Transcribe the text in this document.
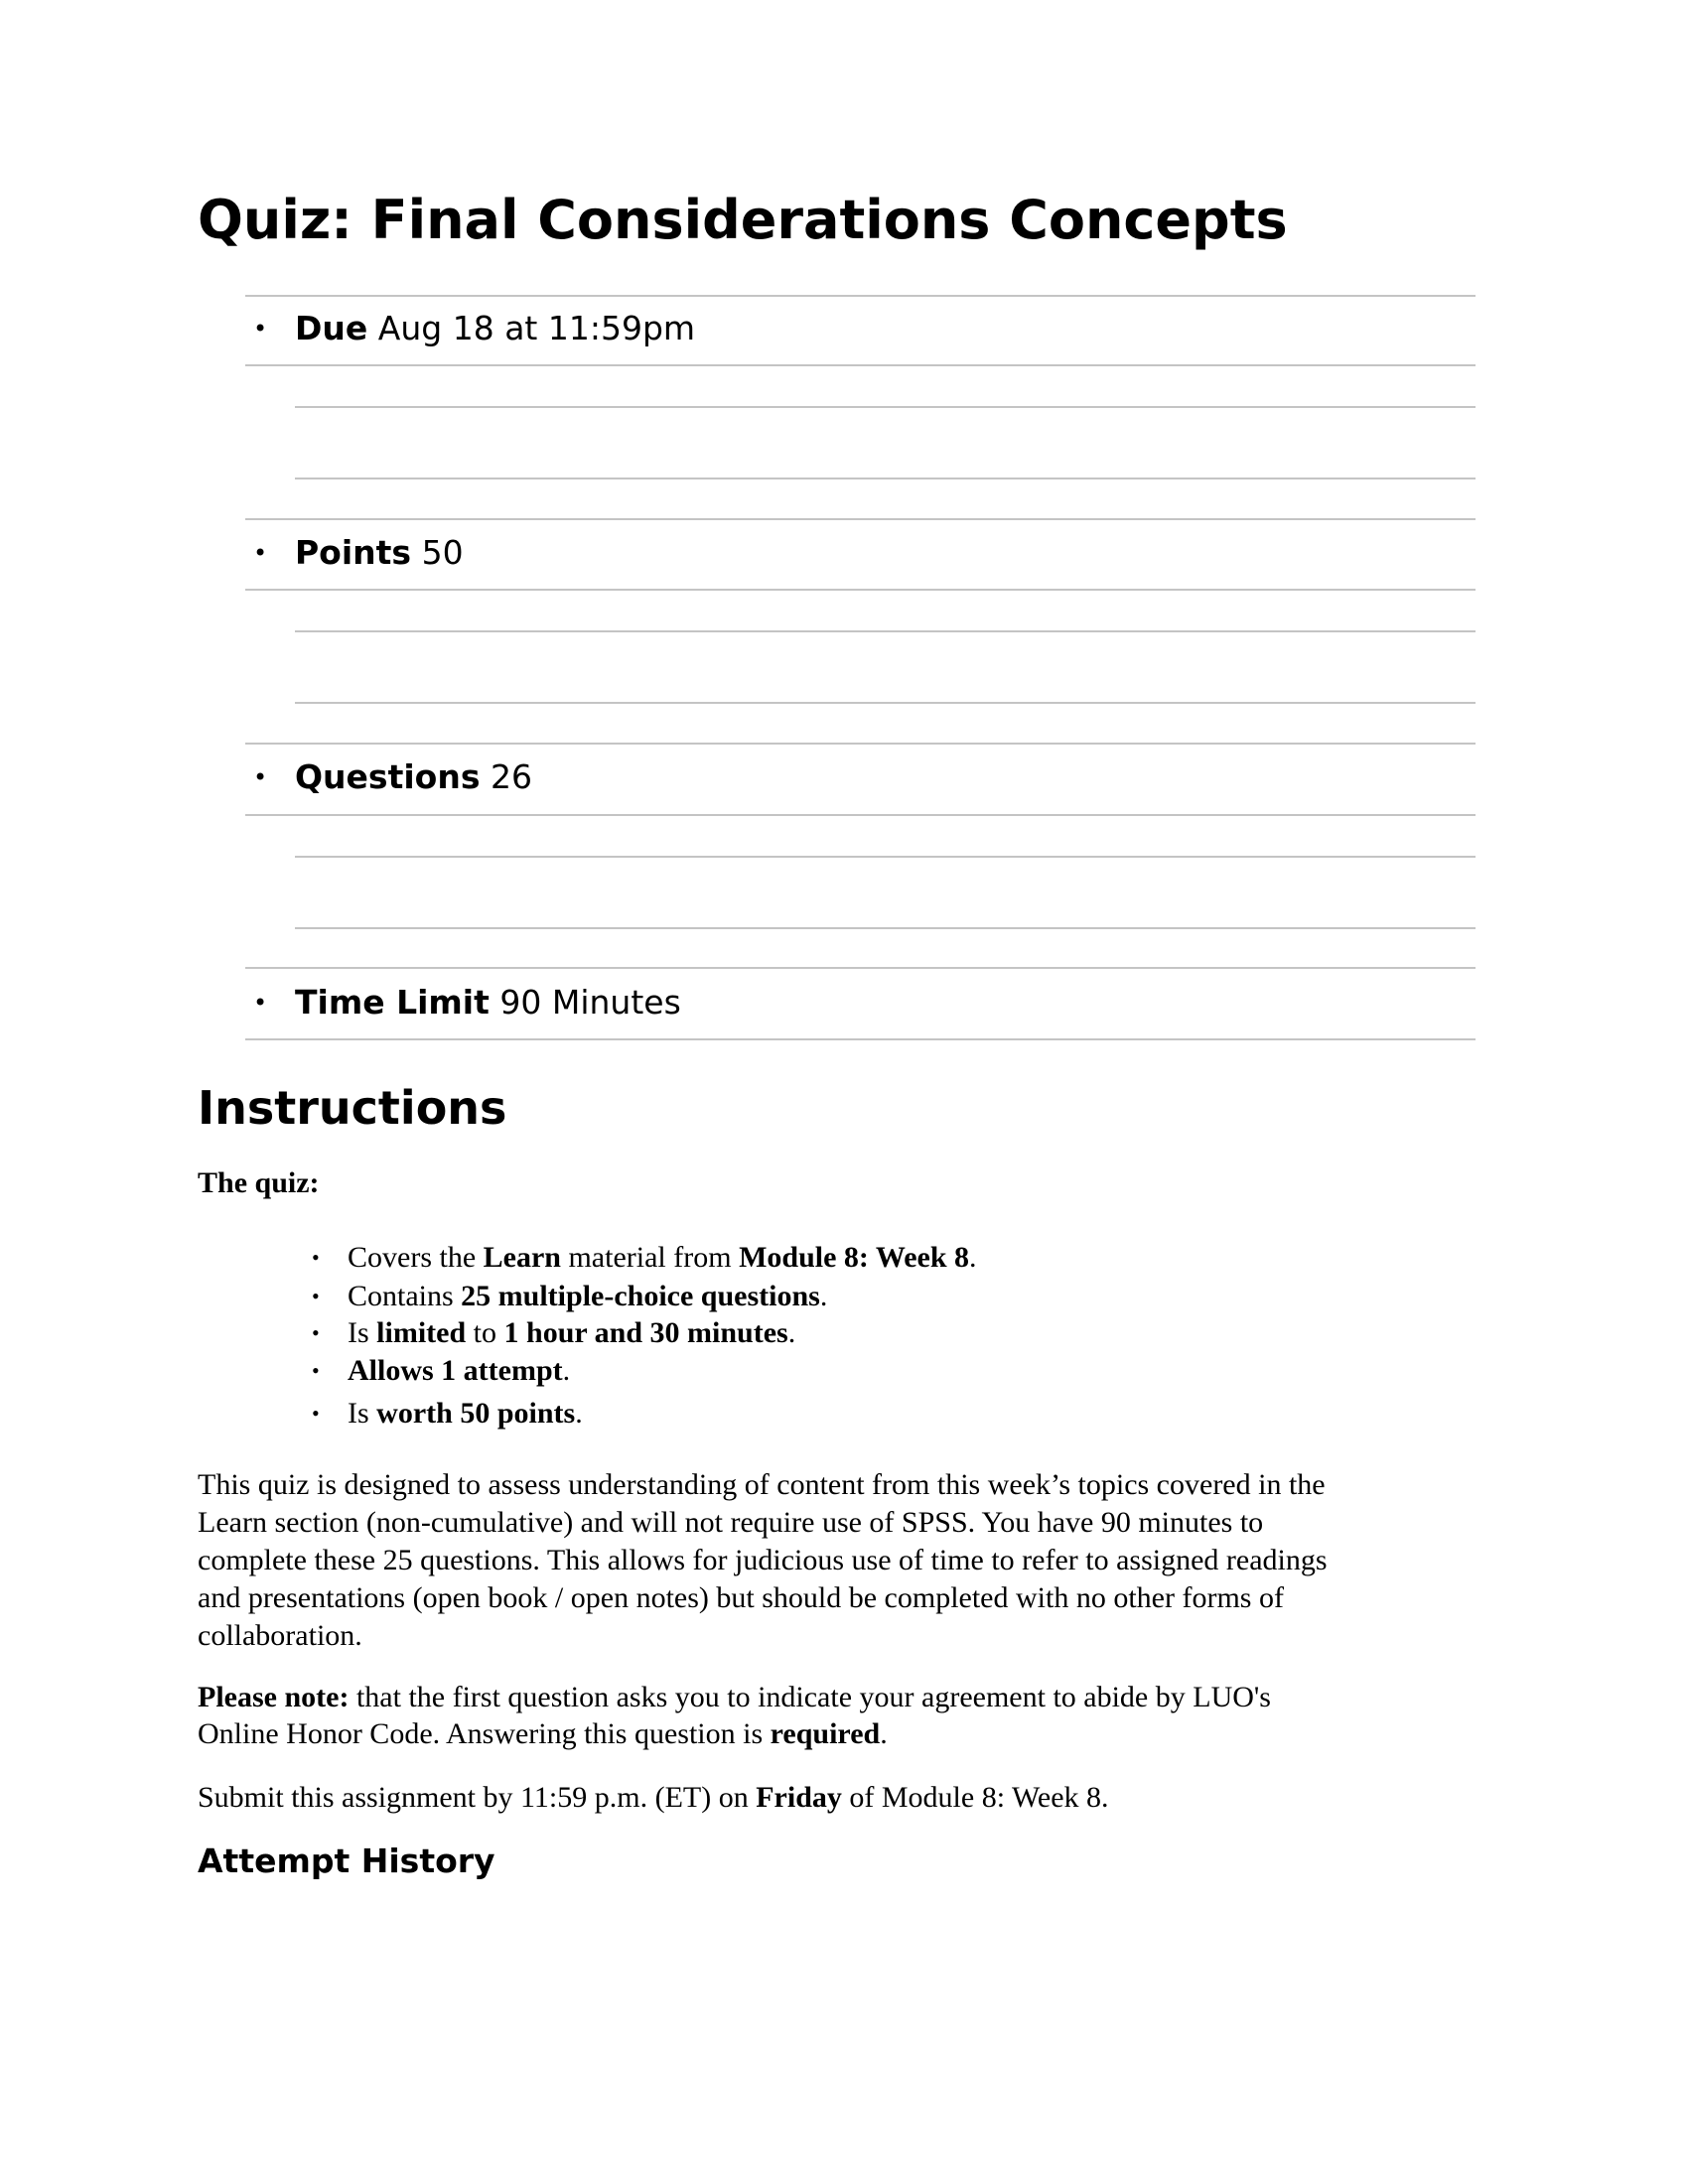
Quiz: Final Considerations Concepts
• Due Aug 18 at 11:59pm
• Points 50
• Questions 26
• Time Limit 90 Minutes
Instructions
The quiz:
• Covers the Learn material from Module 8: Week 8.
• Contains 25 multiple-choice questions.
• Is limited to 1 hour and 30 minutes.
• Allows 1 attempt.
• Is worth 50 points.
This quiz is designed to assess understanding of content from this week’s topics covered in the
Learn section (non-cumulative) and will not require use of SPSS. You have 90 minutes to
complete these 25 questions. This allows for judicious use of time to refer to assigned readings
and presentations (open book / open notes) but should be completed with no other forms of
collaboration.
Please note: that the first question asks you to indicate your agreement to abide by LUO's
Online Honor Code. Answering this question is required.
Submit this assignment by 11:59 p.m. (ET) on Friday of Module 8: Week 8.
Attempt History
